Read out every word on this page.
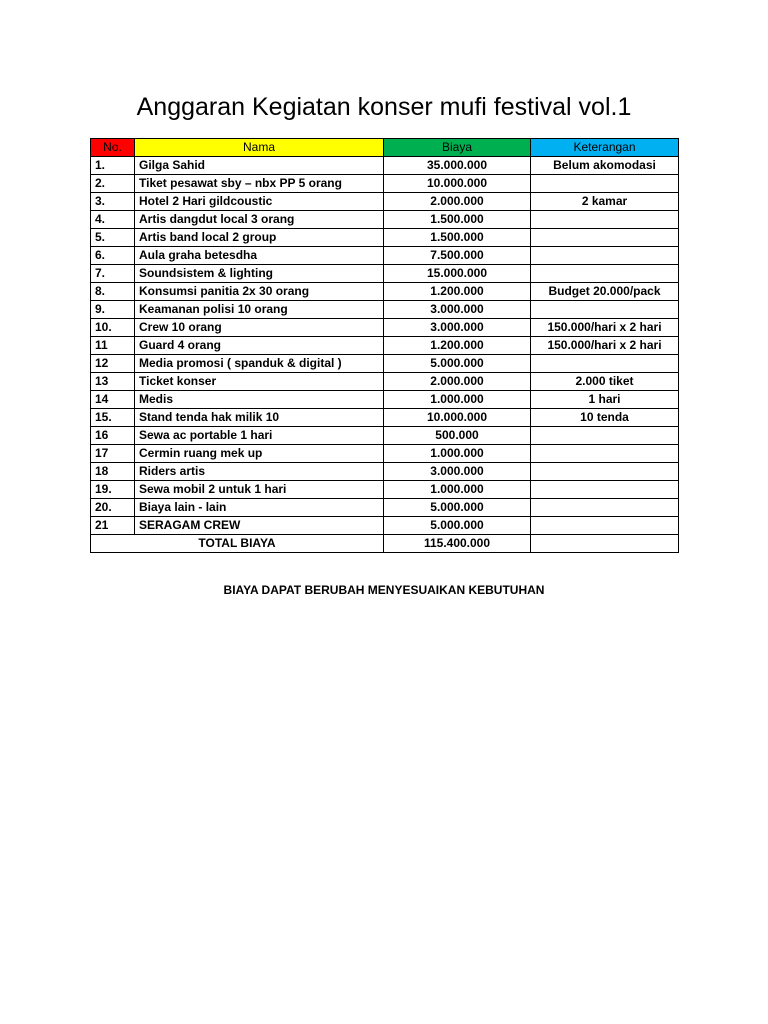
Anggaran Kegiatan konser mufi festival vol.1
No.	Nama	Biaya	Keterangan
1.	Gilga Sahid	35.000.000	Belum akomodasi
2.	Tiket pesawat sby – nbx PP 5 orang	10.000.000	
3.	Hotel 2 Hari gildcoustic	2.000.000	2 kamar
4.	Artis dangdut local 3 orang	1.500.000	
5.	Artis band local 2 group	1.500.000	
6.	Aula graha betesdha	7.500.000	
7.	Soundsistem & lighting	15.000.000	
8.	Konsumsi panitia 2x 30 orang	1.200.000	Budget 20.000/pack
9.	Keamanan polisi 10 orang	3.000.000	
10.	Crew 10 orang	3.000.000	150.000/hari x 2 hari
11	Guard 4 orang	1.200.000	150.000/hari x 2 hari
12	Media promosi ( spanduk & digital )	5.000.000	
13	Ticket konser	2.000.000	2.000 tiket
14	Medis	1.000.000	1 hari
15.	Stand tenda hak milik 10	10.000.000	10 tenda
16	Sewa ac portable 1 hari	500.000	
17	Cermin ruang mek up	1.000.000	
18	Riders artis	3.000.000	
19.	Sewa mobil 2 untuk 1 hari	1.000.000	
20.	Biaya lain - lain	5.000.000	
21	SERAGAM CREW	5.000.000	
TOTAL BIAYA		115.400.000	
BIAYA DAPAT BERUBAH MENYESUAIKAN KEBUTUHAN
